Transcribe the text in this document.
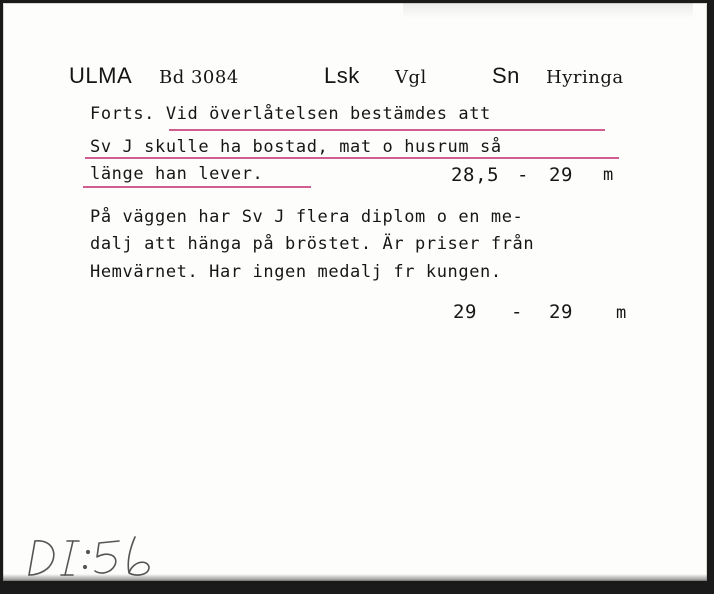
ULMA Bd 3084	Lsk Vgl	Sn Hyringa
Forts. Vid överlåtelsen bestämdes att
Sv J skulle ha bostad, mat o husrum så
länge han lever.	28,5 - 29 m
På väggen har Sv J flera diplom o en me-
dalj att hänga på bröstet. Är priser från
Hemvärnet. Har ingen medalj fr kungen.
29 - 29	m
